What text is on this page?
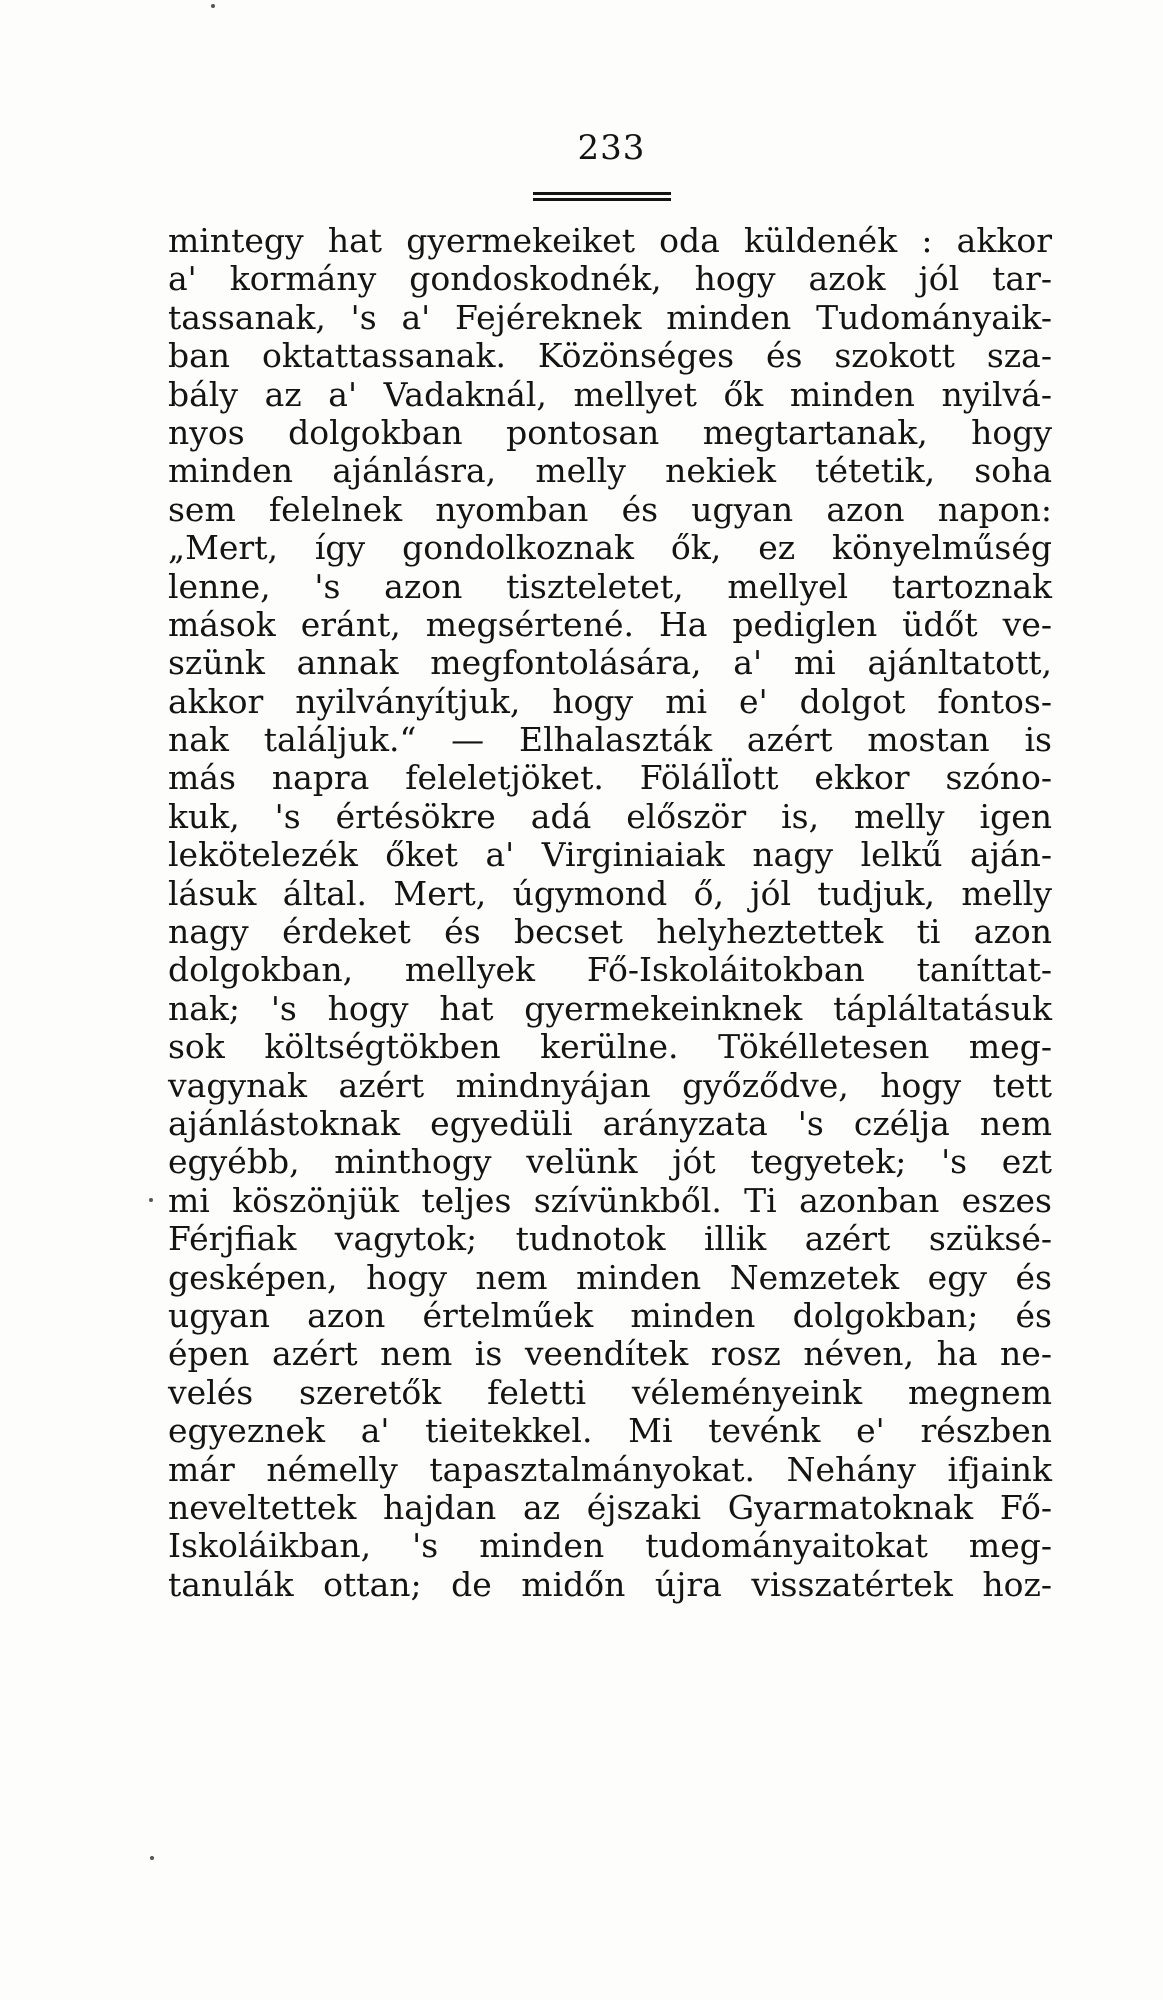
233
mintegy hat gyermekeiket oda küldenék : akkor
a' kormány gondoskodnék, hogy azok jól tar-
tassanak, 's a' Fejéreknek minden Tudományaik-
ban oktattassanak. Közönséges és szokott sza-
bály az a' Vadaknál, mellyet ők minden nyilvá-
nyos dolgokban pontosan megtartanak, hogy
minden ajánlásra, melly nekiek tétetik, soha
sem felelnek nyomban és ugyan azon napon:
„Mert, így gondolkoznak ők, ez könyelműség
lenne, 's azon tiszteletet, mellyel tartoznak
mások eránt, megsértené. Ha pediglen üdőt ve-
szünk annak megfontolására, a' mi ajánltatott,
akkor nyilványítjuk, hogy mi e' dolgot fontos-
nak találjuk.“ — Elhalaszták azért mostan is
más napra feleletjöket. Föláll̈ott ekkor szóno-
kuk, 's értésökre adá először is, melly igen
lekötelezék őket a' Virginiaiak nagy lelkű aján-
lásuk által. Mert, úgymond ő, jól tudjuk, melly
nagy érdeket és becset helyheztettek ti azon
dolgokban, mellyek Fő-Iskoláitokban taníttat-
nak; 's hogy hat gyermekeinknek tápláltatásuk
sok költségtökben kerülne. Tökélletesen meg-
vagynak azért mindnyájan győződve, hogy tett
ajánlástoknak egyedüli arányzata 's czélja nem
egyébb, minthogy velünk jót tegyetek; 's ezt
mi köszönjük teljes szívünkből. Ti azonban eszes
Férjfiak vagytok; tudnotok illik azért szüksé-
gesképen, hogy nem minden Nemzetek egy és
ugyan azon értelműek minden dolgokban; és
épen azért nem is veendítek rosz néven, ha ne-
velés szeretők feletti véleményeink megnem
egyeznek a' tieitekkel. Mi tevénk e' részben
már némelly tapasztalmányokat. Nehány ifjaink
neveltettek hajdan az éjszaki Gyarmatoknak Fő-
Iskoláikban, 's minden tudományaitokat meg-
tanulák ottan; de midőn újra visszatértek hoz-
